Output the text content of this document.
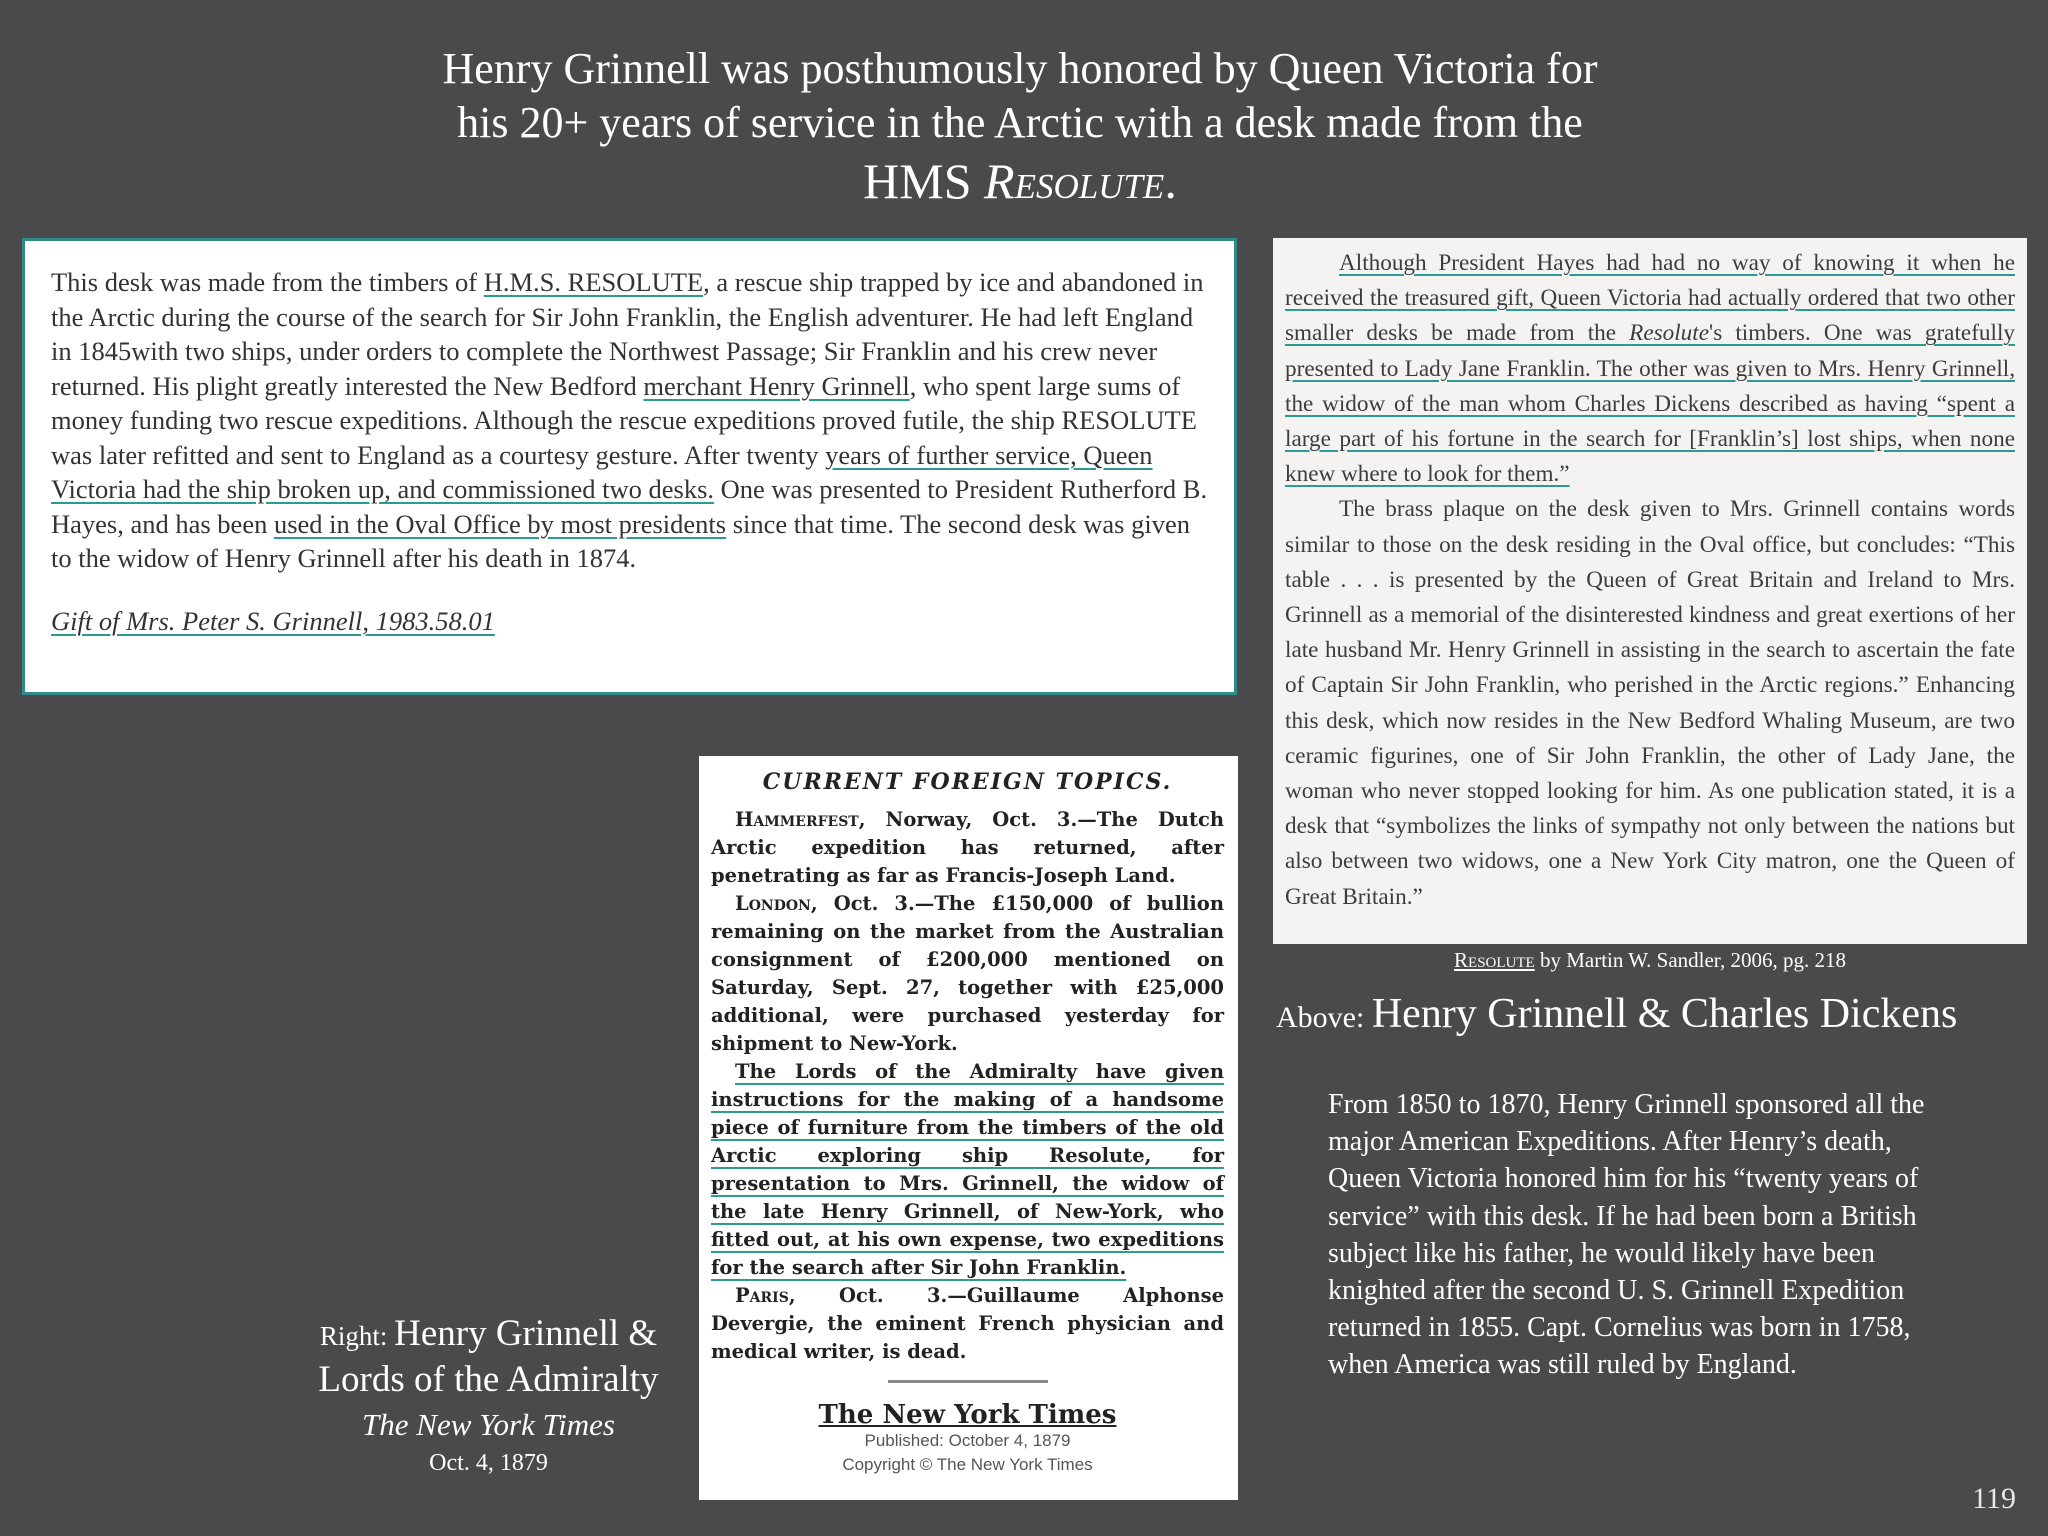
Henry Grinnell was posthumously honored by Queen Victoria for
his 20+ years of service in the Arctic with a desk made from the
HMS Resolute.

This desk was made from the timbers of H.M.S. RESOLUTE, a rescue ship trapped by ice and abandoned in the Arctic during the course of the search for Sir John Franklin, the English adventurer. He had left England in 1845with two ships, under orders to complete the Northwest Passage; Sir Franklin and his crew never returned. His plight greatly interested the New Bedford merchant Henry Grinnell, who spent large sums of money funding two rescue expeditions. Although the rescue expeditions proved futile, the ship RESOLUTE was later refitted and sent to England as a courtesy gesture. After twenty years of further service, Queen Victoria had the ship broken up, and commissioned two desks. One was presented to President Rutherford B. Hayes, and has been used in the Oval Office by most presidents since that time. The second desk was given to the widow of Henry Grinnell after his death in 1874.

Gift of Mrs. Peter S. Grinnell, 1983.58.01

Although President Hayes had had no way of knowing it when he received the treasured gift, Queen Victoria had actually ordered that two other smaller desks be made from the Resolute's timbers. One was gratefully presented to Lady Jane Franklin. The other was given to Mrs. Henry Grinnell, the widow of the man whom Charles Dickens described as having “spent a large part of his fortune in the search for [Franklin’s] lost ships, when none knew where to look for them.”

The brass plaque on the desk given to Mrs. Grinnell contains words similar to those on the desk residing in the Oval office, but concludes: “This table . . . is presented by the Queen of Great Britain and Ireland to Mrs. Grinnell as a memorial of the disinterested kindness and great exertions of her late husband Mr. Henry Grinnell in assisting in the search to ascertain the fate of Captain Sir John Franklin, who perished in the Arctic regions.” Enhancing this desk, which now resides in the New Bedford Whaling Museum, are two ceramic figurines, one of Sir John Franklin, the other of Lady Jane, the woman who never stopped looking for him. As one publication stated, it is a desk that “symbolizes the links of sympathy not only between the nations but also between two widows, one a New York City matron, one the Queen of Great Britain.”

Resolute by Martin W. Sandler, 2006, pg. 218
Above: Henry Grinnell & Charles Dickens
From 1850 to 1870, Henry Grinnell sponsored all the major American Expeditions. After Henry’s death, Queen Victoria honored him for his “twenty years of service” with this desk. If he had been born a British subject like his father, he would likely have been knighted after the second U. S. Grinnell Expedition returned in 1855. Capt. Cornelius was born in 1758, when America was still ruled by England.
CURRENT FOREIGN TOPICS.

Hammerfest, Norway, Oct. 3.—The Dutch Arctic expedition has returned, after penetrating as far as Francis-Joseph Land.

London, Oct. 3.—The £150,000 of bullion remaining on the market from the Australian consignment of £200,000 mentioned on Saturday, Sept. 27, together with £25,000 additional, were purchased yesterday for shipment to New-York.

The Lords of the Admiralty have given instructions for the making of a handsome piece of furniture from the timbers of the old Arctic exploring ship Resolute, for presentation to Mrs. Grinnell, the widow of the late Henry Grinnell, of New-York, who fitted out, at his own expense, two expeditions for the search after Sir John Franklin.

Paris, Oct. 3.—Guillaume Alphonse Devergie, the eminent French physician and medical writer, is dead.

The New York Times
Published: October 4, 1879
Copyright © The New York Times
Right: Henry Grinnell &
Lords of the Admiralty
The New York Times
Oct. 4, 1879
119
